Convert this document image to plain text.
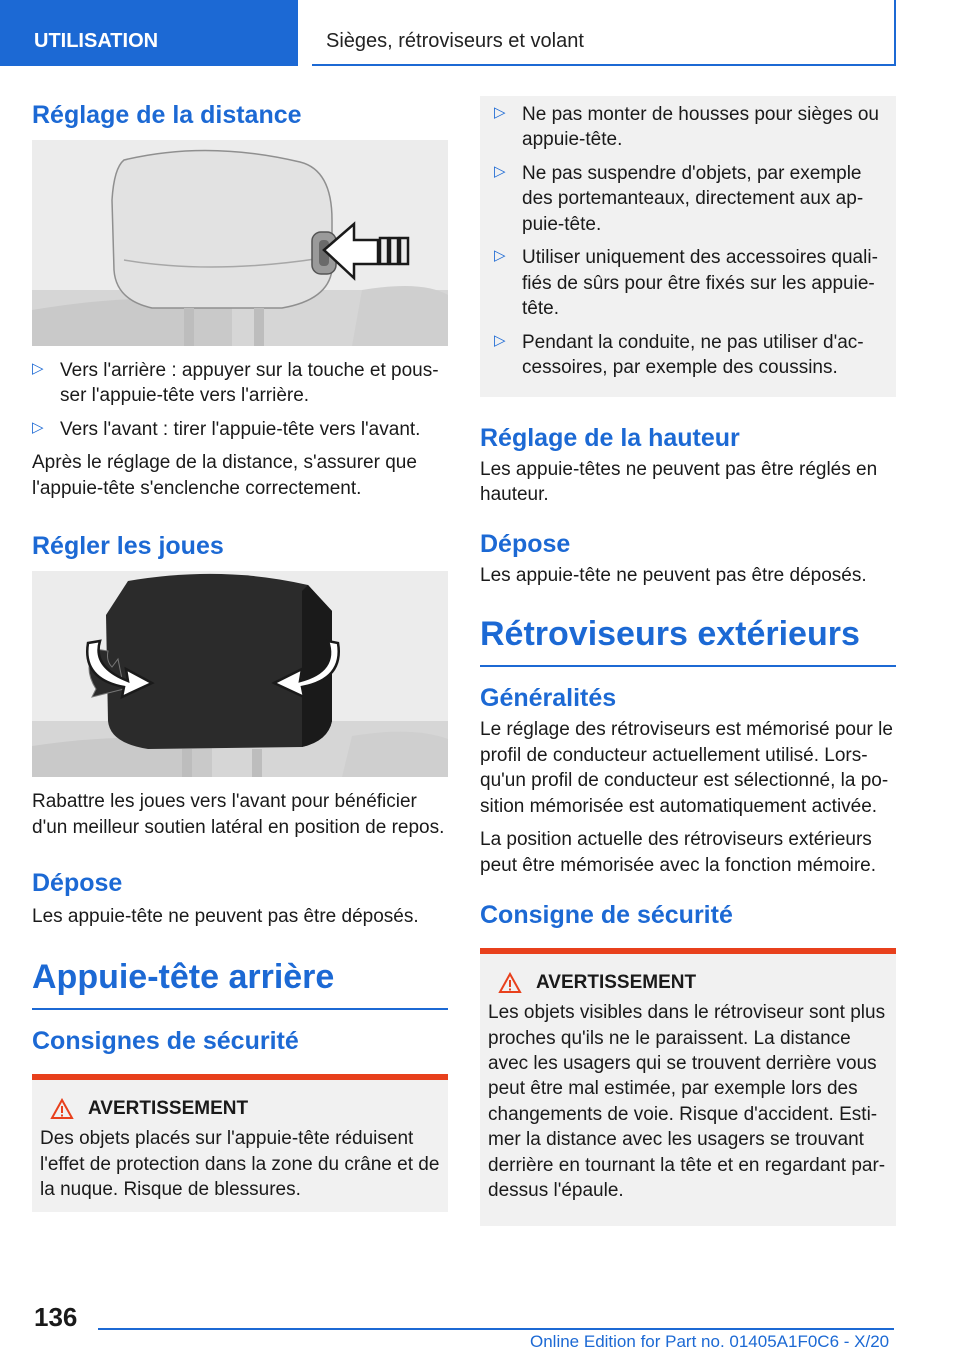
UTILISATION	Sièges, rétroviseurs et volant
Réglage de la distance
▷ Vers l'arrière : appuyer sur la touche et pousser l'appuie-tête vers l'arrière.
▷ Vers l'avant : tirer l'appuie-tête vers l'avant.

Après le réglage de la distance, s'assurer que l'appuie-tête s'enclenche correctement.

Régler les joues

Rabattre les joues vers l'avant pour bénéficier d'un meilleur soutien latéral en position de repos.

Dépose

Les appuie-tête ne peuvent pas être déposés.

Appuie-tête arrière
Consignes de sécurité
AVERTISSEMENT

Des objets placés sur l'appuie-tête réduisent l'effet de protection dans la zone du crâne et de la nuque. Risque de blessures.

▷ Ne pas monter de housses pour sièges ou appuie-tête.
▷ Ne pas suspendre d'objets, par exemple des portemanteaux, directement aux appuie-tête.
▷ Utiliser uniquement des accessoires qualifiés de sûrs pour être fixés sur les appuie-tête.
▷ Pendant la conduite, ne pas utiliser d'accessoires, par exemple des coussins.
Réglage de la hauteur

Les appuie-têtes ne peuvent pas être réglés en hauteur.

Dépose

Les appuie-tête ne peuvent pas être déposés.

Rétroviseurs extérieurs
Généralités

Le réglage des rétroviseurs est mémorisé pour le profil de conducteur actuellement utilisé. Lorsqu'un profil de conducteur est sélectionné, la position mémorisée est automatiquement activée.

La position actuelle des rétroviseurs extérieurs peut être mémorisée avec la fonction mémoire.

Consigne de sécurité
AVERTISSEMENT

Les objets visibles dans le rétroviseur sont plus proches qu'ils ne le paraissent. La distance avec les usagers qui se trouvent derrière vous peut être mal estimée, par exemple lors des changements de voie. Risque d'accident. Estimer la distance avec les usagers se trouvant derrière en tournant la tête et en regardant par-dessus l'épaule.

136
Online Edition for Part no. 01405A1F0C6 - X/20
